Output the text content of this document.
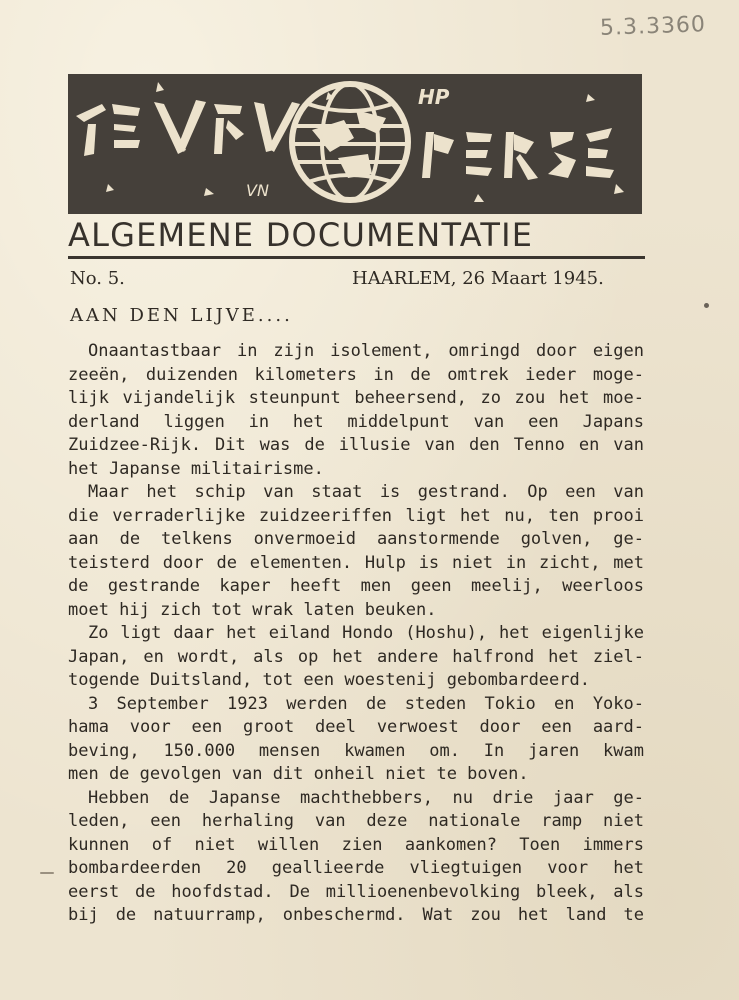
5.3.3360
HP
VN
ALGEMENE DOCUMENTATIE
No. 5.	HAARLEM, 26 Maart 1945.
AAN DEN LIJVE....
Onaantastbaar in zijn isolement, omringd door eigen
zeeën, duizenden kilometers in de omtrek ieder moge-
lijk vijandelijk steunpunt beheersend, zo zou het moe-
derland liggen in het middelpunt van een Japans
Zuidzee-Rijk. Dit was de illusie van den Tenno en van
het Japanse militairisme.
Maar het schip van staat is gestrand. Op een van
die verraderlijke zuidzeeriffen ligt het nu, ten prooi
aan de telkens onvermoeid aanstormende golven, ge-
teisterd door de elementen. Hulp is niet in zicht, met
de gestrande kaper heeft men geen meelij, weerloos
moet hij zich tot wrak laten beuken.
Zo ligt daar het eiland Hondo (Hoshu), het eigenlijke
Japan, en wordt, als op het andere halfrond het ziel-
togende Duitsland, tot een woestenij gebombardeerd.
3 September 1923 werden de steden Tokio en Yoko-
hama voor een groot deel verwoest door een aard-
beving, 150.000 mensen kwamen om. In jaren kwam
men de gevolgen van dit onheil niet te boven.
Hebben de Japanse machthebbers, nu drie jaar ge-
leden, een herhaling van deze nationale ramp niet
kunnen of niet willen zien aankomen? Toen immers
bombardeerden 20 geallieerde vliegtuigen voor het
eerst de hoofdstad. De millioenenbevolking bleek, als
bij de natuurramp, onbeschermd. Wat zou het land te
